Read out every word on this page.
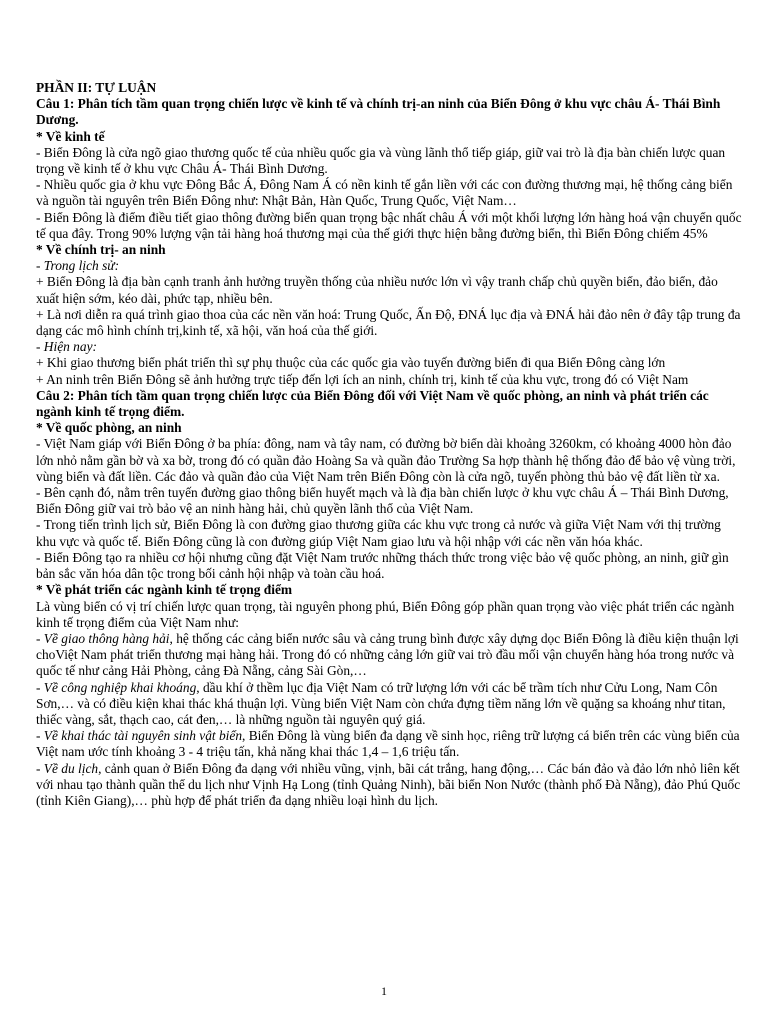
PHẦN II: TỰ LUẬN

Câu 1: Phân tích tầm quan trọng chiến lược về kinh tế và chính trị-an ninh của Biển Đông ở khu vực châu Á- Thái Bình Dương.

* Về kinh tế

- Biển Đông là cửa ngõ giao thương quốc tế của nhiều quốc gia và vùng lãnh thổ tiếp giáp, giữ vai trò là địa bàn chiến lược quan trọng về kinh tế ở khu vực Châu Á- Thái Bình Dương.

- Nhiều quốc gia ở khu vực Đông Bắc Á, Đông Nam Á có nền kinh tế gắn liền với các con đường thương mại, hệ thống cảng biển và nguồn tài nguyên trên Biển Đông như: Nhật Bản, Hàn Quốc, Trung Quốc, Việt Nam…

- Biển Đông là điểm điều tiết giao thông đường biển quan trọng bậc nhất châu Á với một khối lượng lớn hàng hoá vận chuyển quốc tế qua đây. Trong 90% lượng vận tải hàng hoá thương mại của thế giới thực hiện bằng đường biển, thì Biển Đông chiếm 45%

* Về chính trị- an ninh

- Trong lịch sử:

+ Biển Đông là địa bàn cạnh tranh ảnh hưởng truyền thống của nhiều nước lớn vì vậy tranh chấp chủ quyền biển, đảo biển, đảo xuất hiện sớm, kéo dài, phức tạp, nhiều bên.

+ Là nơi diễn ra quá trình giao thoa của các nền văn hoá: Trung Quốc, Ấn Độ, ĐNÁ lục địa và ĐNÁ hải đảo nên ở đây tập trung đa dạng các mô hình chính trị,kinh tế, xã hội, văn hoá của thế giới.

- Hiện nay:

+ Khi giao thương biển phát triển thì sự phụ thuộc của các quốc gia vào tuyến đường biển đi qua Biển Đông càng lớn

+ An ninh trên Biển Đông sẽ ảnh hưởng trực tiếp đến lợi ích an ninh, chính trị, kinh tế của khu vực, trong đó có Việt Nam

Câu 2: Phân tích tầm quan trọng chiến lược của Biển Đông đối với Việt Nam về quốc phòng, an ninh và phát triển các ngành kinh tế trọng điểm.

* Về quốc phòng, an ninh

- Việt Nam giáp với Biển Đông ở ba phía: đông, nam và tây nam, có đường bờ biển dài khoảng 3260km, có khoảng 4000 hòn đảo lớn nhỏ nằm gần bờ và xa bờ, trong đó có quần đảo Hoàng Sa và quần đảo Trường Sa hợp thành hệ thống đảo để bảo vệ vùng trời, vùng biển và đất liền. Các đảo và quần đảo của Việt Nam trên Biển Đông còn là cửa ngõ, tuyến phòng thủ bảo vệ đất liền từ xa.

- Bên cạnh đó, nằm trên tuyến đường giao thông biển huyết mạch và là địa bàn chiến lược ở khu vực châu Á – Thái Bình Dương, Biển Đông giữ vai trò bảo vệ an ninh hàng hải, chủ quyền lãnh thổ của Việt Nam.

- Trong tiến trình lịch sử, Biển Đông là con đường giao thương giữa các khu vực trong cả nước và giữa Việt Nam với thị trường khu vực và quốc tế. Biển Đông cũng là con đường giúp Việt Nam giao lưu và hội nhập với các nền văn hóa khác.

- Biển Đông tạo ra nhiều cơ hội nhưng cũng đặt Việt Nam trước những thách thức trong việc bảo vệ quốc phòng, an ninh, giữ gìn bản sắc văn hóa dân tộc trong bối cảnh hội nhập và toàn cầu hoá.

* Về phát triển các ngành kinh tế trọng điểm

Là vùng biển có vị trí chiến lược quan trọng, tài nguyên phong phú, Biển Đông góp phần quan trọng vào việc phát triển các ngành kinh tế trọng điểm của Việt Nam như:

- Về giao thông hàng hải, hệ thống các cảng biển nước sâu và cảng trung bình được xây dựng dọc Biển Đông là điều kiện thuận lợi choViệt Nam phát triển thương mại hàng hải. Trong đó có những cảng lớn giữ vai trò đầu mối vận chuyển hàng hóa trong nước và quốc tế như cảng Hải Phòng, cảng Đà Nẵng, cảng Sài Gòn,…

- Về công nghiệp khai khoáng, dầu khí ở thềm lục địa Việt Nam có trữ lượng lớn với các bể trầm tích như Cửu Long, Nam Côn Sơn,… và có điều kiện khai thác khá thuận lợi. Vùng biển Việt Nam còn chứa đựng tiềm năng lớn về quặng sa khoáng như titan, thiếc vàng, sắt, thạch cao, cát đen,… là những nguồn tài nguyên quý giá.

- Về khai thác tài nguyên sinh vật biển, Biển Đông là vùng biển đa dạng về sinh học, riêng trữ lượng cá biển trên các vùng biển của Việt nam ước tính khoảng 3 - 4 triệu tấn, khả năng khai thác 1,4 – 1,6 triệu tấn.

- Về du lịch, cảnh quan ở Biển Đông đa dạng với nhiều vũng, vịnh, bãi cát trắng, hang động,… Các bán đảo và đảo lớn nhỏ liên kết với nhau tạo thành quần thể du lịch như Vịnh Hạ Long (tỉnh Quảng Ninh), bãi biển Non Nước (thành phố Đà Nẵng), đảo Phú Quốc (tỉnh Kiên Giang),… phù hợp để phát triển đa dạng nhiều loại hình du lịch.

1
